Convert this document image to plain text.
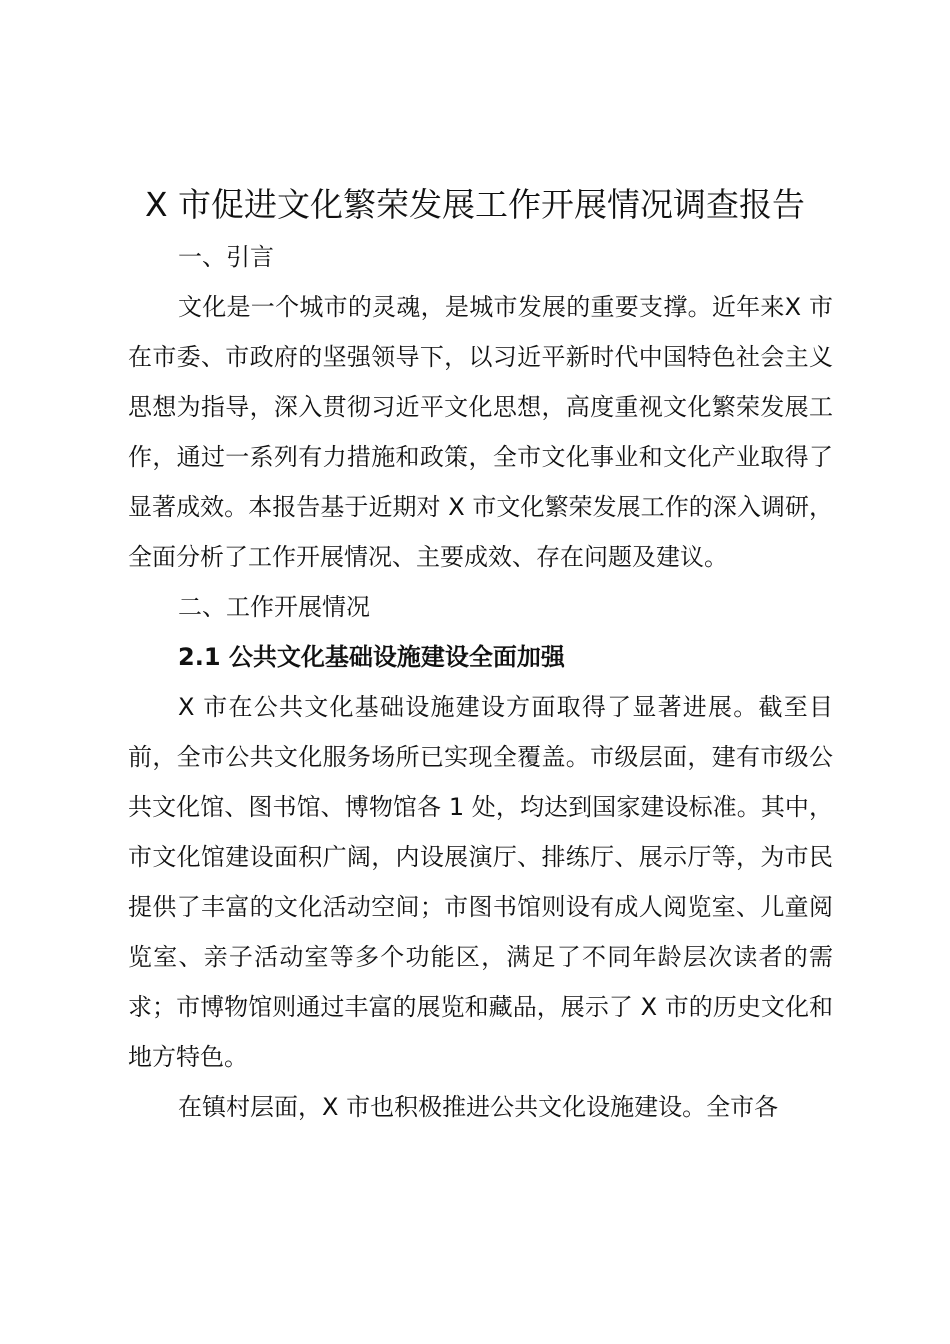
X 市促进文化繁荣发展工作开展情况调查报告

一、引言

文化是一个城市的灵魂，是城市发展的重要支撑。近年来X 市在市委、市政府的坚强领导下，以习近平新时代中国特色社会主义思想为指导，深入贯彻习近平文化思想，高度重视文化繁荣发展工作，通过一系列有力措施和政策，全市文化事业和文化产业取得了显著成效。本报告基于近期对 X 市文化繁荣发展工作的深入调研，全面分析了工作开展情况、主要成效、存在问题及建议。

二、工作开展情况

2.1 公共文化基础设施建设全面加强

X 市在公共文化基础设施建设方面取得了显著进展。截至目前，全市公共文化服务场所已实现全覆盖。市级层面，建有市级公共文化馆、图书馆、博物馆各 1 处，均达到国家建设标准。其中，市文化馆建设面积广阔，内设展演厅、排练厅、展示厅等，为市民提供了丰富的文化活动空间；市图书馆则设有成人阅览室、儿童阅览室、亲子活动室等多个功能区，满足了不同年龄层次读者的需求；市博物馆则通过丰富的展览和藏品，展示了 X 市的历史文化和地方特色。

在镇村层面，X 市也积极推进公共文化设施建设。全市各
